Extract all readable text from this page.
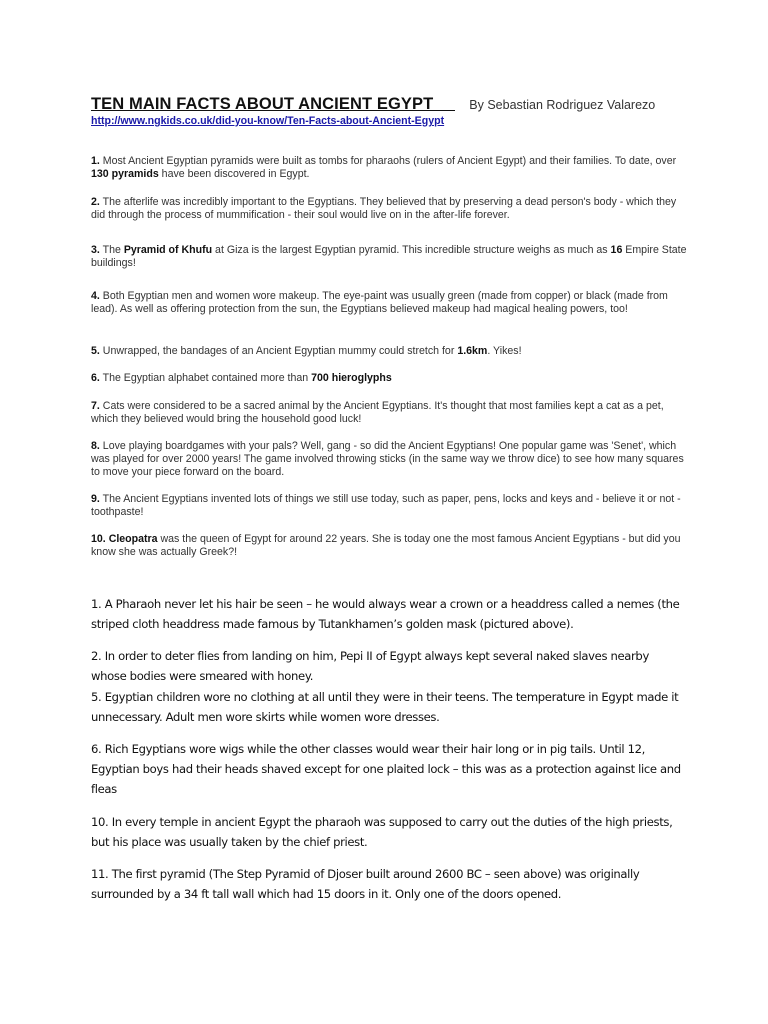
TEN MAIN FACTS ABOUT ANCIENT EGYPT	By Sebastian Rodriguez Valarezo
http://www.ngkids.co.uk/did-you-know/Ten-Facts-about-Ancient-Egypt

1. Most Ancient Egyptian pyramids were built as tombs for pharaohs (rulers of Ancient Egypt) and their families. To date, over 130 pyramids have been discovered in Egypt.

2. The afterlife was incredibly important to the Egyptians. They believed that by preserving a dead person's body - which they did through the process of mummification - their soul would live on in the after-life forever.

3. The Pyramid of Khufu at Giza is the largest Egyptian pyramid. This incredible structure weighs as much as 16 Empire State buildings!

4. Both Egyptian men and women wore makeup. The eye-paint was usually green (made from copper) or black (made from lead). As well as offering protection from the sun, the Egyptians believed makeup had magical healing powers, too!

5. Unwrapped, the bandages of an Ancient Egyptian mummy could stretch for 1.6km. Yikes!

6. The Egyptian alphabet contained more than 700 hieroglyphs

7. Cats were considered to be a sacred animal by the Ancient Egyptians. It's thought that most families kept a cat as a pet, which they believed would bring the household good luck!

8. Love playing boardgames with your pals? Well, gang - so did the Ancient Egyptians! One popular game was 'Senet', which was played for over 2000 years! The game involved throwing sticks (in the same way we throw dice) to see how many squares to move your piece forward on the board.

9. The Ancient Egyptians invented lots of things we still use today, such as paper, pens, locks and keys and - believe it or not - toothpaste!

10. Cleopatra was the queen of Egypt for around 22 years. She is today one the most famous Ancient Egyptians - but did you know she was actually Greek?!

1. A Pharaoh never let his hair be seen – he would always wear a crown or a headdress called a nemes (the striped cloth headdress made famous by Tutankhamen’s golden mask (pictured above).

2. In order to deter flies from landing on him, Pepi II of Egypt always kept several naked slaves nearby whose bodies were smeared with honey.

5. Egyptian children wore no clothing at all until they were in their teens. The temperature in Egypt made it unnecessary. Adult men wore skirts while women wore dresses.

6. Rich Egyptians wore wigs while the other classes would wear their hair long or in pig tails. Until 12, Egyptian boys had their heads shaved except for one plaited lock – this was as a protection against lice and fleas

10. In every temple in ancient Egypt the pharaoh was supposed to carry out the duties of the high priests, but his place was usually taken by the chief priest.

11. The first pyramid (The Step Pyramid of Djoser built around 2600 BC – seen above) was originally surrounded by a 34 ft tall wall which had 15 doors in it. Only one of the doors opened.
